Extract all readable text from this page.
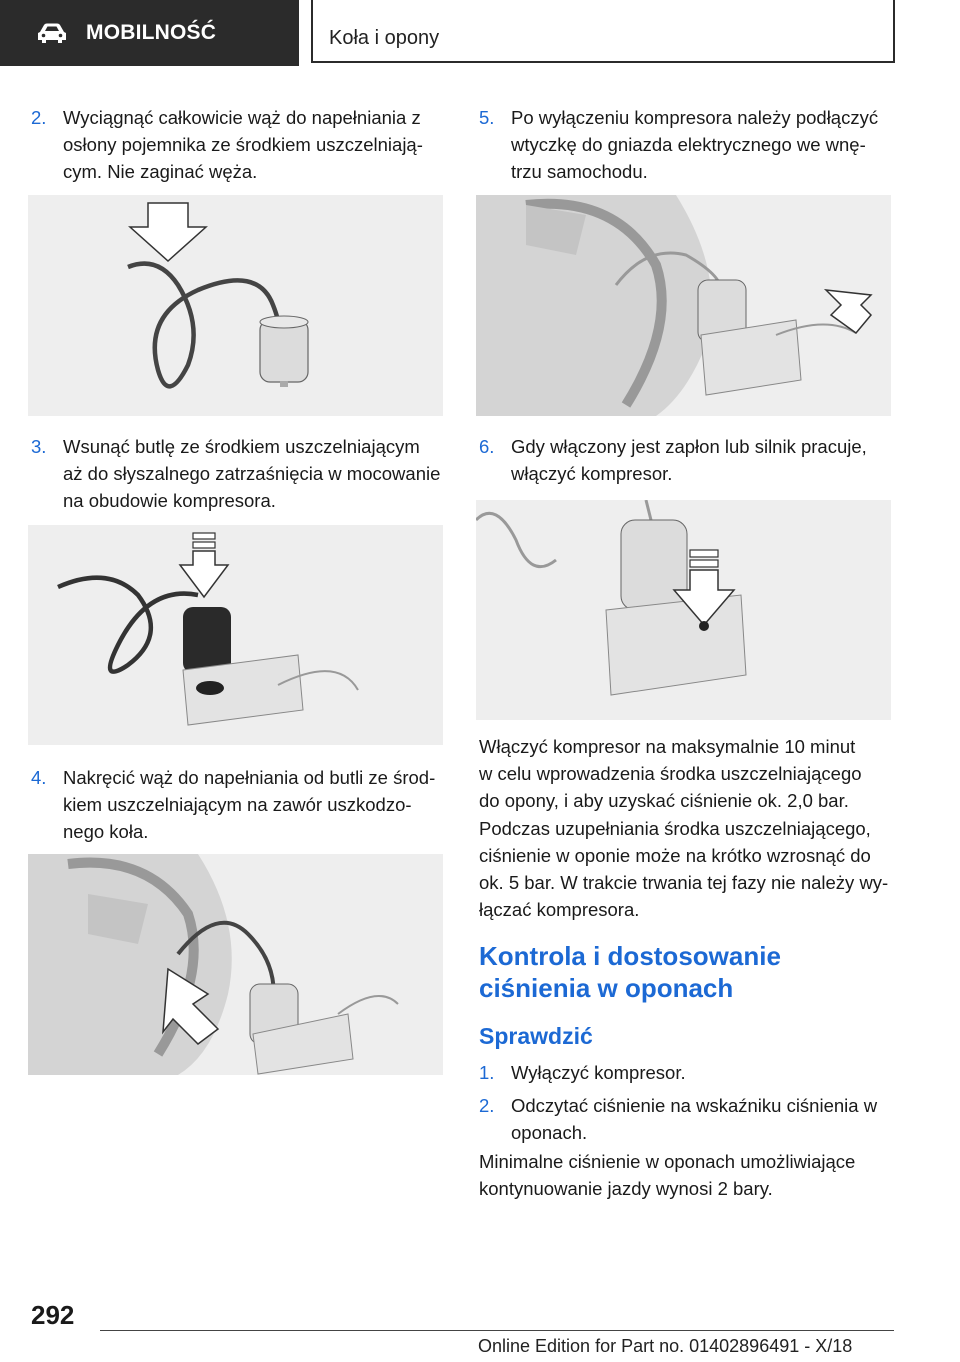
MOBILNOŚĆ	Koła i opony
2. Wyciągnąć całkowicie wąż do napełniania z
osłony pojemnika ze środkiem uszczelniają‐
cym. Nie zaginać węża.
3. Wsunąć butlę ze środkiem uszczelniającym
aż do słyszalnego zatrzaśnięcia w mocowanie
na obudowie kompresora.
4. Nakręcić wąż do napełniania od butli ze środ‐
kiem uszczelniającym na zawór uszkodzo‐
nego koła.
5. Po wyłączeniu kompresora należy podłączyć
wtyczkę do gniazda elektrycznego we wnę‐
trzu samochodu.
6. Gdy włączony jest zapłon lub silnik pracuje,
włączyć kompresor.
Włączyć kompresor na maksymalnie 10 minut
w celu wprowadzenia środka uszczelniającego
do opony, i aby uzyskać ciśnienie ok. 2,0 bar.
Podczas uzupełniania środka uszczelniającego,
ciśnienie w oponie może na krótko wzrosnąć do
ok. 5 bar. W trakcie trwania tej fazy nie należy wy‐
łączać kompresora.
Kontrola i dostosowanie
ciśnienia w oponach
Sprawdzić
1. Wyłączyć kompresor.
2. Odczytać ciśnienie na wskaźniku ciśnienia w
oponach.
Minimalne ciśnienie w oponach umożliwiające
kontynuowanie jazdy wynosi 2 bary.
292
Online Edition for Part no. 01402896491 - X/18
